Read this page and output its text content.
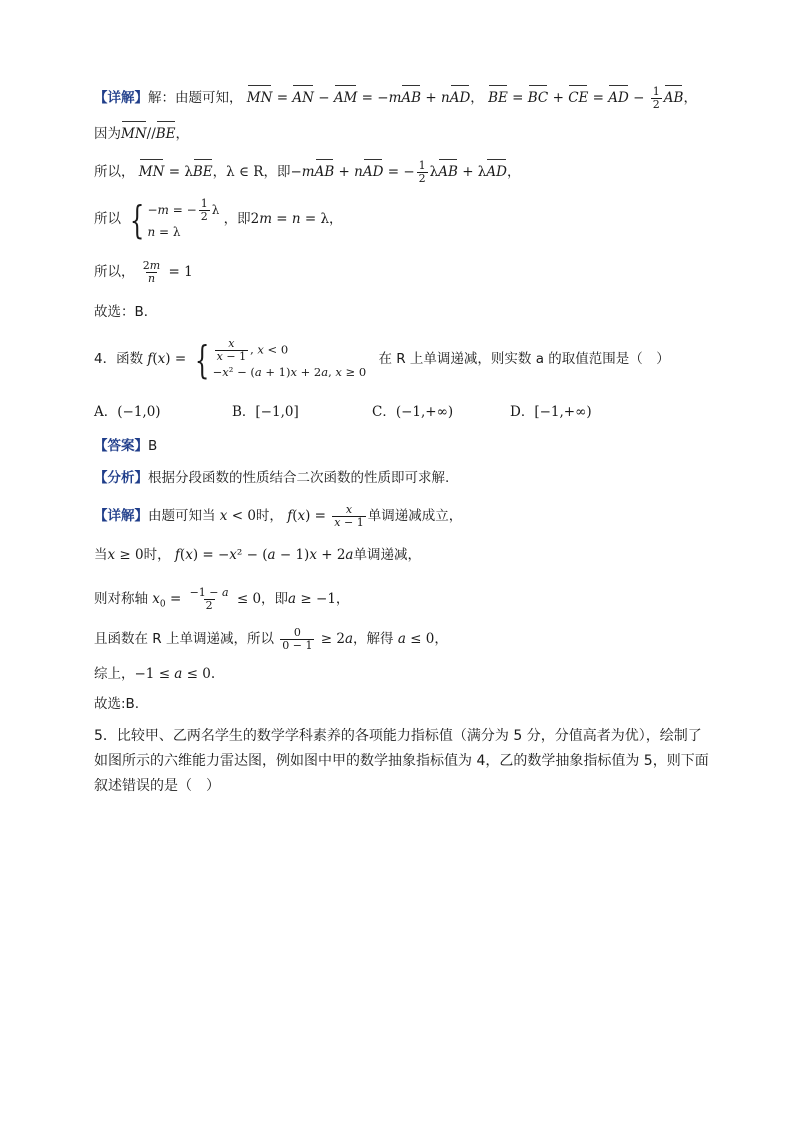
【详解】解：由题可知， MN = AN − AM = −mAB + nAD， BE = BC + CE = AD − $\frac{1}{2}$ AB，
因为MN//BE，
所以， MN = λBE，λ ∈ R，即−mAB + nAD = − $\frac{1}{2}$ λAB + λAD，
所以 { −m = − $\frac{1}{2}$ λ
n = λ
，即2m = n = λ，
所以， $\frac{2m}{n} = 1$
故选：B．
4．函数 f(x) = { $\frac{x}{x - 1}$ , x < 0
−x² − (a + 1)x + 2a, x ≥ 0
在 R 上单调递减，则实数 a 的取值范围是（　）
A．(−1,0)	B．[−1,0]	C．(−1,+∞)	D．[−1,+∞)
【答案】B
【分析】根据分段函数的性质结合二次函数的性质即可求解.
【详解】由题可知当 x < 0时， $f(x) = \frac{x}{x - 1}$ 单调递减成立，
当x ≥ 0时， f(x) = −x² − (a − 1)x + 2a单调递减，
则对称轴 $x_0 = \frac{-1 - a}{2} \le 0$，即a ≥ −1，
且函数在 R 上单调递减，所以 $\frac{0}{0 - 1} \ge 2a$，解得 a ≤ 0，
综上，−1 ≤ a ≤ 0.
故选:B.
5．比较甲、乙两名学生的数学学科素养的各项能力指标值（满分为 5 分，分值高者为优），绘制了如图所示的六维能力雷达图，例如图中甲的数学抽象指标值为 4，乙的数学抽象指标值为 5，则下面叙述错误的是（　）
